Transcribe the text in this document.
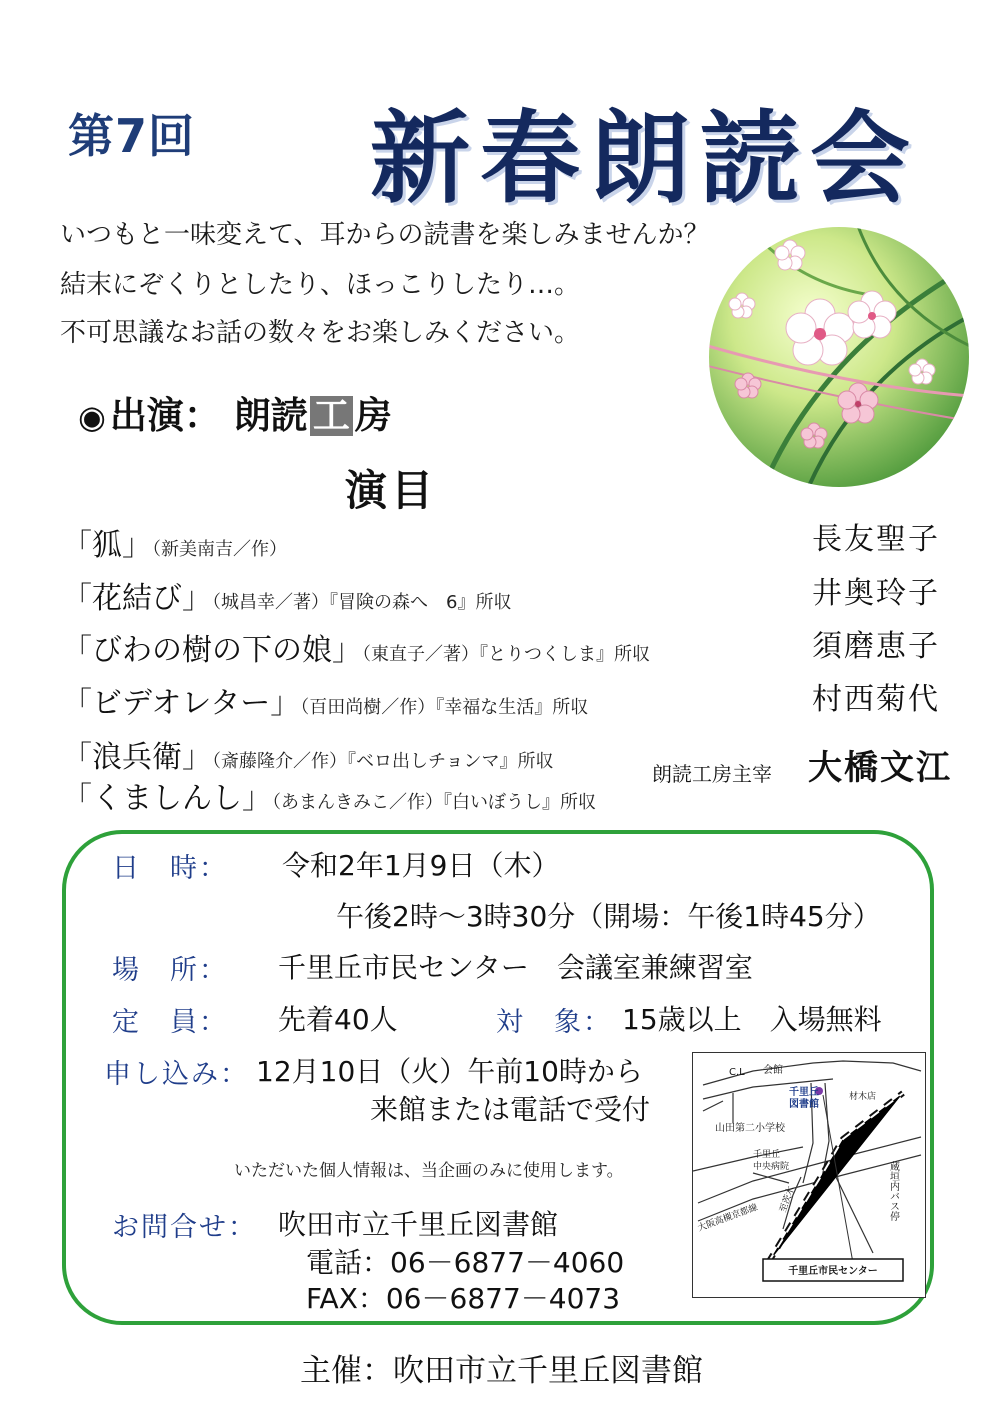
第7回 新春朗読会
いつもと一味変えて、耳からの読書を楽しみませんか？
結末にぞくりとしたり、ほっこりしたり…。
不可思議なお話の数々をお楽しみください。
◉ 出演： 朗読 工 房
演目
「狐」（新美南吉／作）	長友聖子
「花結び」（城昌幸／著）『冒険の森へ　6』所収	井奥玲子
「びわの樹の下の娘」（東直子／著）『とりつくしま』所収	須磨恵子
「ビデオレター」（百田尚樹／作）『幸福な生活』所収	村西菊代
「浪兵衛」（斎藤隆介／作）『ベロ出しチョンマ』所収
「くましんし」（あまんきみこ／作）『白いぼうし』所収
朗読工房主宰 大橋文江
日　時： 令和2年1月9日（木）
午後2時～3時30分（開場：午後1時45分）
場　所： 千里丘市民センター　会議室兼練習室
定　員： 先着40人	対　象： 15歳以上　入場無料
申し込み： 12月10日（火）午前10時から
来館または電話で受付
いただいた個人情報は、当企画のみに使用します。
お問合せ： 吹田市立千里丘図書館
電話：06－6877－4060
FAX：06－6877－4073
C.L 会館
千里丘
図書館
材木店
山田第二小学校
千里丘
中央病院	蔵垣内バス停
大阪高槻京都線
至茨木
千里丘市民センター
主催：吹田市立千里丘図書館
